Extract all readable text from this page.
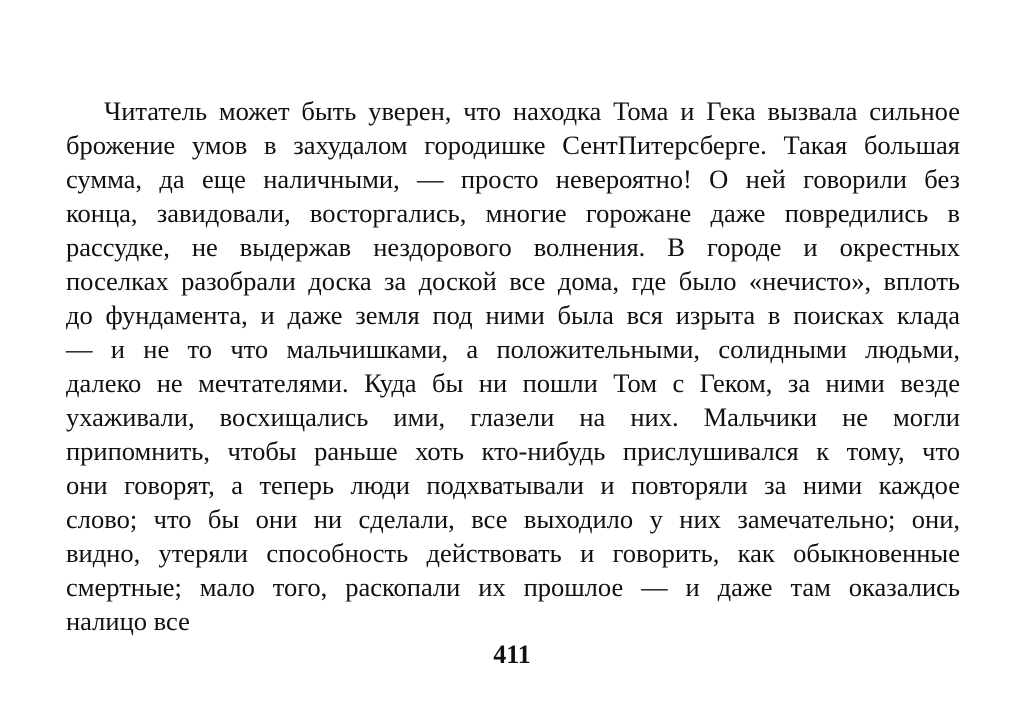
Читатель может быть уверен, что находка Тома и Гека вызвала сильное
брожение умов в захудалом городишке СентПитерсберге. Такая большая
сумма, да еще наличными, — просто невероятно! О ней говорили без
конца, завидовали, восторгались, многие горожане даже повредились в
рассудке, не выдержав нездорового волнения. В городе и окрестных
поселках разобрали доска за доской все дома, где было «нечисто», вплоть
до фундамента, и даже земля под ними была вся изрыта в поисках клада
— и не то что мальчишками, а положительными, солидными людьми,
далеко не мечтателями. Куда бы ни пошли Том с Геком, за ними везде
ухаживали, восхищались ими, глазели на них. Мальчики не могли
припомнить, чтобы раньше хоть кто-нибудь прислушивался к тому, что
они говорят, а теперь люди подхватывали и повторяли за ними каждое
слово; что бы они ни сделали, все выходило у них замечательно; они,
видно, утеряли способность действовать и говорить, как обыкновенные
смертные; мало того, раскопали их прошлое — и даже там оказались
налицо все
411
